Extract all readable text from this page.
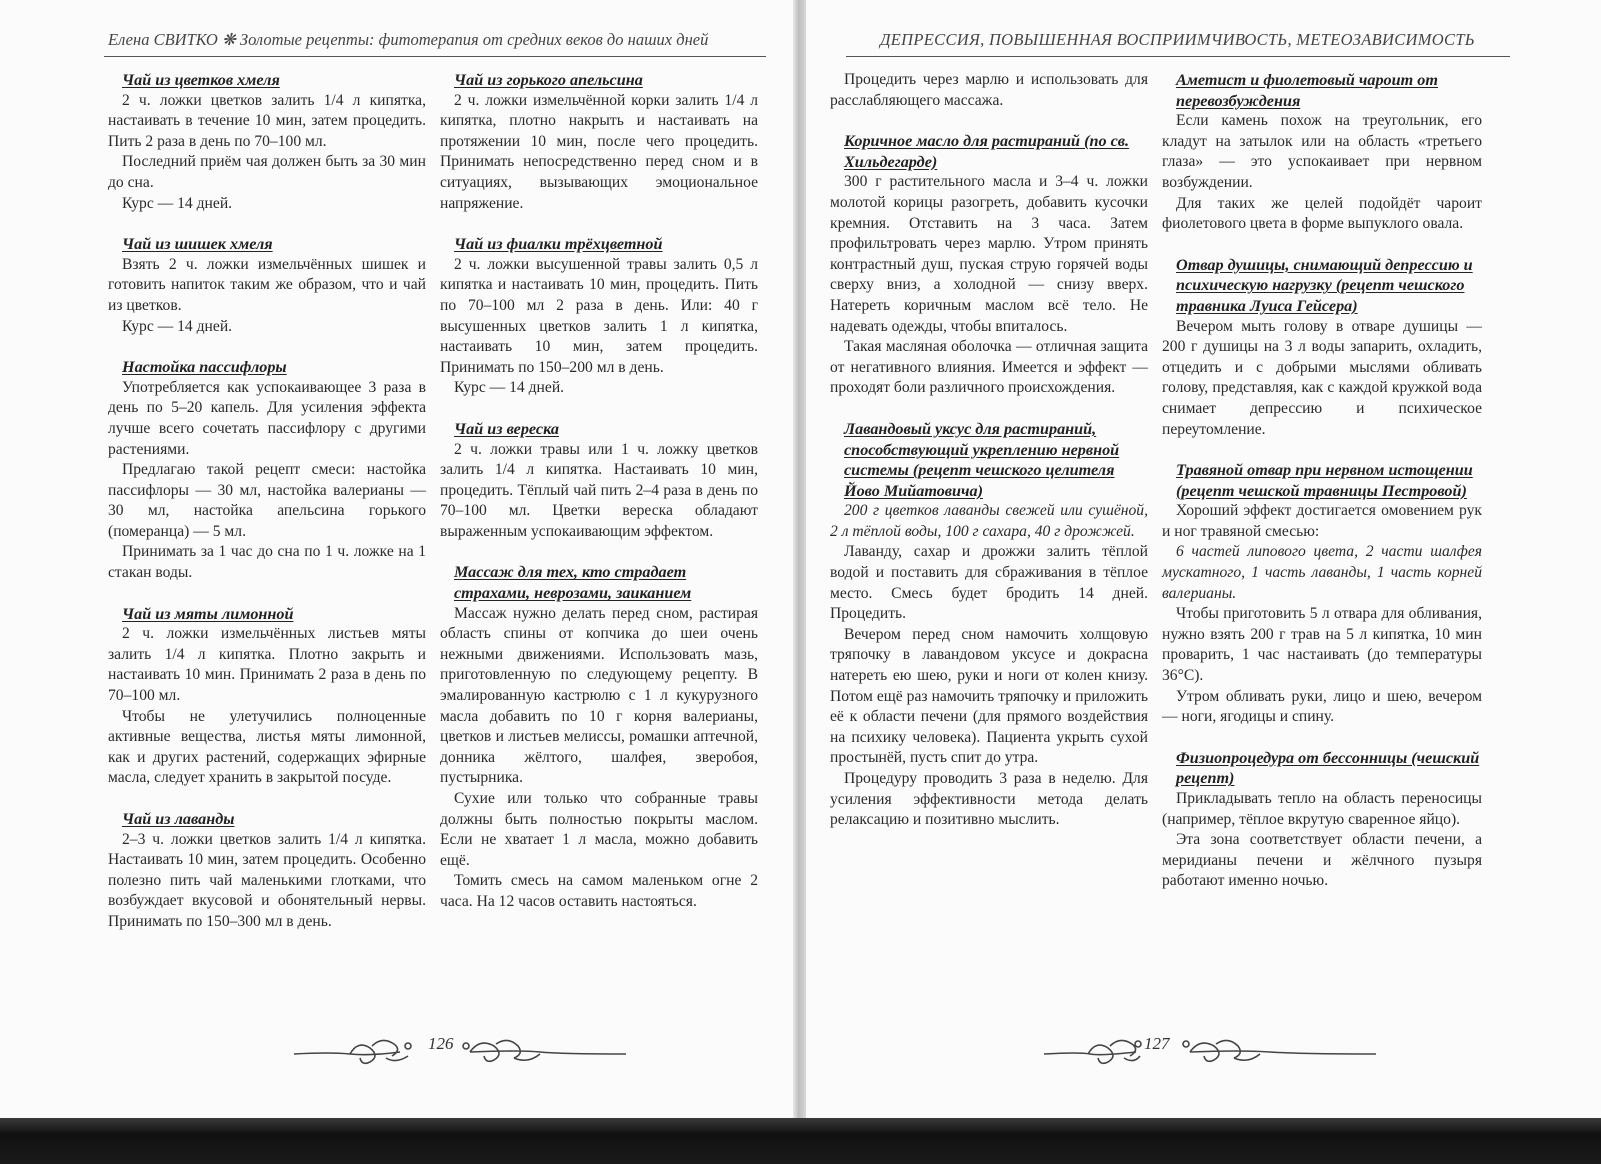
Елена СВИТКО ❋ Золотые рецепты: фитотерапия от средних веков до наших дней	ДЕПРЕССИЯ, ПОВЫШЕННАЯ ВОСПРИИМЧИВОСТЬ, МЕТЕОЗАВИСИМОСТЬ
Чай из цветков хмеля

2 ч. ложки цветков залить 1/4 л кипятка, настаивать в течение 10 мин, затем процедить. Пить 2 раза в день по 70–100 мл.

Последний приём чая должен быть за 30 мин до сна.

Курс — 14 дней.

Чай из шишек хмеля

Взять 2 ч. ложки измельчённых шишек и готовить напиток таким же образом, что и чай из цветков.

Курс — 14 дней.

Настойка пассифлоры

Употребляется как успокаивающее 3 раза в день по 5–20 капель. Для усиления эффекта лучше всего сочетать пассифлору с другими растениями.

Предлагаю такой рецепт смеси: настойка пассифлоры — 30 мл, настойка валерианы — 30 мл, настойка апельсина горького (померанца) — 5 мл.

Принимать за 1 час до сна по 1 ч. ложке на 1 стакан воды.

Чай из мяты лимонной

2 ч. ложки измельчённых листьев мяты залить 1/4 л кипятка. Плотно закрыть и настаивать 10 мин. Принимать 2 раза в день по 70–100 мл.

Чтобы не улетучились полноценные активные вещества, листья мяты лимонной, как и других растений, содержащих эфирные масла, следует хранить в закрытой посуде.

Чай из лаванды

2–3 ч. ложки цветков залить 1/4 л кипятка. Настаивать 10 мин, затем процедить. Особенно полезно пить чай маленькими глотками, что возбуждает вкусовой и обонятельный нервы. Принимать по 150–300 мл в день.

Чай из горького апельсина

2 ч. ложки измельчённой корки залить 1/4 л кипятка, плотно накрыть и настаивать на протяжении 10 мин, после чего процедить. Принимать непосредственно перед сном и в ситуациях, вызывающих эмоциональное напряжение.

Чай из фиалки трёхцветной

2 ч. ложки высушенной травы залить 0,5 л кипятка и настаивать 10 мин, процедить. Пить по 70–100 мл 2 раза в день. Или: 40 г высушенных цветков залить 1 л кипятка, настаивать 10 мин, затем процедить. Принимать по 150–200 мл в день.

Курс — 14 дней.

Чай из вереска

2 ч. ложки травы или 1 ч. ложку цветков залить 1/4 л кипятка. Настаивать 10 мин, процедить. Тёплый чай пить 2–4 раза в день по 70–100 мл. Цветки вереска обладают выраженным успокаивающим эффектом.

Массаж для тех, кто страдает страхами, неврозами, заиканием

Массаж нужно делать перед сном, растирая область спины от копчика до шеи очень нежными движениями. Использовать мазь, приготовленную по следующему рецепту. В эмалированную кастрюлю с 1 л кукурузного масла добавить по 10 г корня валерианы, цветков и листьев мелиссы, ромашки аптечной, донника жёлтого, шалфея, зверобоя, пустырника.

Сухие или только что собранные травы должны быть полностью покрыты маслом. Если не хватает 1 л масла, можно добавить ещё.

Томить смесь на самом маленьком огне 2 часа. На 12 часов оставить настояться.

Процедить через марлю и использовать для расслабляющего массажа.

Коричное масло для растираний (по св. Хильдегарде)

300 г растительного масла и 3–4 ч. ложки молотой корицы разогреть, добавить кусочки кремния. Отставить на 3 часа. Затем профильтровать через марлю. Утром принять контрастный душ, пуская струю горячей воды сверху вниз, а холодной — снизу вверх. Натереть коричным маслом всё тело. Не надевать одежды, чтобы впиталось.

Такая масляная оболочка — отличная защита от негативного влияния. Имеется и эффект — проходят боли различного происхождения.

Лавандовый уксус для растираний, способствующий укреплению нервной системы (рецепт чешского целителя Йово Мийатовича)

200 г цветков лаванды свежей или сушёной, 2 л тёплой воды, 100 г сахара, 40 г дрожжей.

Лаванду, сахар и дрожжи залить тёплой водой и поставить для сбраживания в тёплое место. Смесь будет бродить 14 дней. Процедить.

Вечером перед сном намочить холщовую тряпочку в лавандовом уксусе и докрасна натереть ею шею, руки и ноги от колен книзу. Потом ещё раз намочить тряпочку и приложить её к области печени (для прямого воздействия на психику человека). Пациента укрыть сухой простынёй, пусть спит до утра.

Процедуру проводить 3 раза в неделю. Для усиления эффективности метода делать релаксацию и позитивно мыслить.

Аметист и фиолетовый чароит от перевозбуждения

Если камень похож на треугольник, его кладут на затылок или на область «третьего глаза» — это успокаивает при нервном возбуждении.

Для таких же целей подойдёт чароит фиолетового цвета в форме выпуклого овала.

Отвар душицы, снимающий депрессию и психическую нагрузку (рецепт чешского травника Луиса Гейсера)

Вечером мыть голову в отваре душицы — 200 г душицы на 3 л воды запарить, охладить, отцедить и с добрыми мыслями обливать голову, представляя, как с каждой кружкой вода снимает депрессию и психическое переутомление.

Травяной отвар при нервном истощении (рецепт чешской травницы Пестровой)

Хороший эффект достигается омовением рук и ног травяной смесью:

6 частей липового цвета, 2 части шалфея мускатного, 1 часть лаванды, 1 часть корней валерианы.

Чтобы приготовить 5 л отвара для обливания, нужно взять 200 г трав на 5 л кипятка, 10 мин проварить, 1 час настаивать (до температуры 36°С).

Утром обливать руки, лицо и шею, вечером — ноги, ягодицы и спину.

Физиопроцедура от бессонницы (чешский рецепт)

Прикладывать тепло на область переносицы (например, тёплое вкрутую сваренное яйцо).

Эта зона соответствует области печени, а меридианы печени и жёлчного пузыря работают именно ночью.

126	127
